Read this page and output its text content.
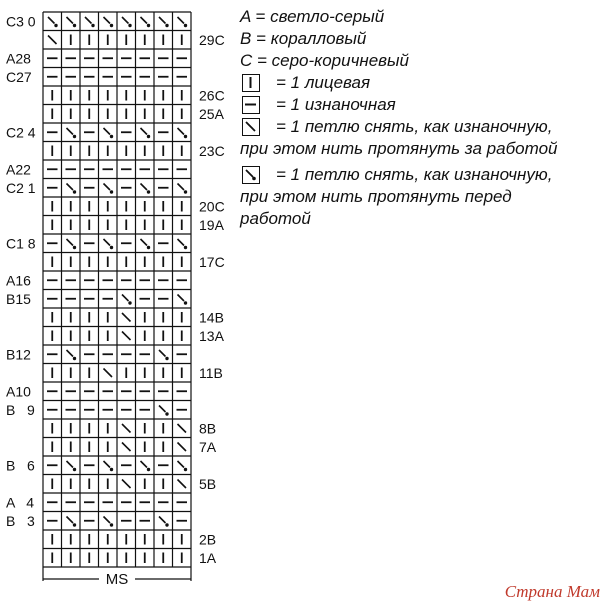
1A
2B
B   3
A   4
5B
B   6
7A
8B
B   9
A10
11B
B12
13A
14B
B15
A16
17C
C1 8
19A
20C
C2 1
A22
23C
C2 4
25A
26C
C27
A28
29C
C3 0
MS
A = светло-серый
B = коралловый
C = серо-коричневый
= 1 лицевая
= 1 изнаночная
= 1 петлю снять, как изнаночную,
при этом нить протянуть за работой
= 1 петлю снять, как изнаночную,
при этом нить протянуть перед
работой
Страна Мам
